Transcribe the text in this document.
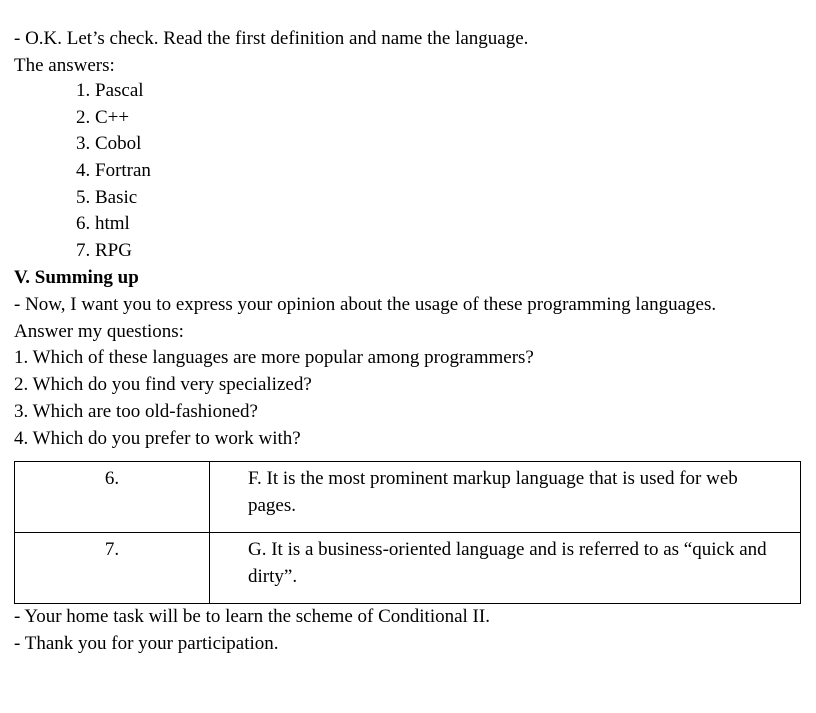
- O.K. Let’s check. Read the first definition and name the language.
The answers:
1. Pascal
2. C++
3. Cobol
4. Fortran
5. Basic
6. html
7. RPG
V. Summing up
- Now, I want you to express your opinion about the usage of these programming languages.
Answer my questions:
1. Which of these languages are more popular among programmers?
2. Which do you find very specialized?
3. Which are too old-fashioned?
4. Which do you prefer to work with?
6.	F. It is the most prominent markup language that is used for web pages.
7.	G. It is a business-oriented language and is referred to as “quick and dirty”.
- Your home task will be to learn the scheme of Conditional II.
- Thank you for your participation.
